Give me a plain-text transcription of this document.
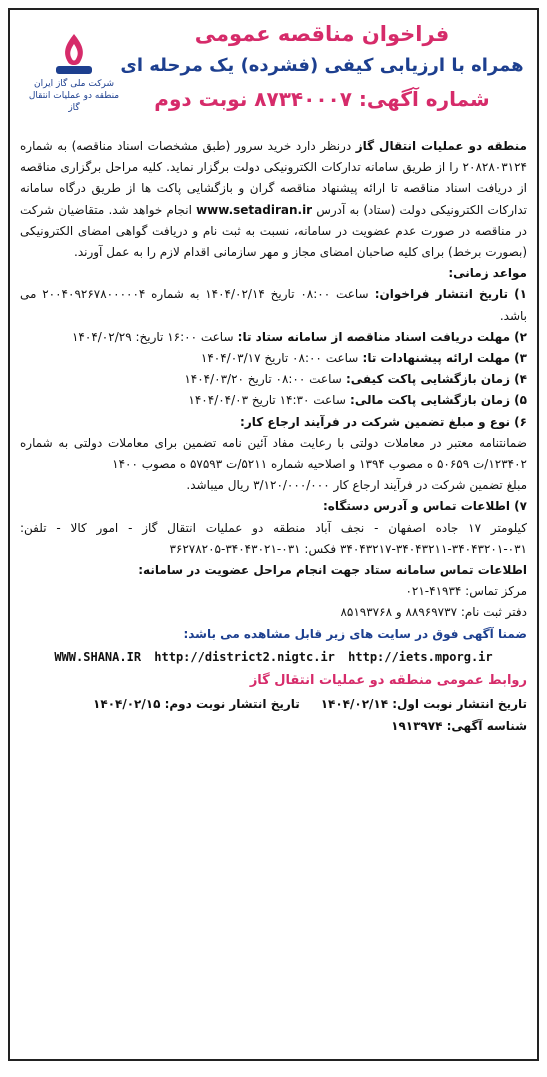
فراخوان مناقصه عمومی
همراه با ارزیابی کیفی (فشرده) یک مرحله ای
شماره آگهی: ۸۷۳۴۰۰۰۷ نوبت دوم
شرکت ملی گاز ایران
منطقه دو عملیات انتقال گاز
منطقه دو عملیات انتقال گاز درنظر دارد خرید سرور (طبق مشخصات اسناد مناقصه) به شماره ۲۰۸۲۸۰۳۱۲۴ را از طریق سامانه تدارکات الکترونیکی دولت برگزار نماید. کلیه مراحل برگزاری مناقصه از دریافت اسناد مناقصه تا ارائه پیشنهاد مناقصه گران و بازگشایی پاکت ها از طریق درگاه سامانه تدارکات الکترونیکی دولت (ستاد) به آدرس www.setadiran.ir انجام خواهد شد. متقاضیان شرکت در مناقصه در صورت عدم عضویت در سامانه، نسبت به ثبت نام و دریافت گواهی امضای الکترونیکی (بصورت برخط) برای کلیه صاحبان امضای مجاز و مهر سازمانی اقدام لازم را به عمل آورند.
مواعد زمانی:
۱) تاریخ انتشار فراخوان: ساعت ۰۸:۰۰ تاریخ ۱۴۰۴/۰۲/۱۴ به شماره ۲۰۰۴۰۹۲۶۷۸۰۰۰۰۰۴ می باشد.
۲) مهلت دریافت اسناد مناقصه از سامانه ستاد تا: ساعت ۱۶:۰۰ تاریخ: ۱۴۰۴/۰۲/۲۹
۳) مهلت ارائه پیشنهادات تا: ساعت ۰۸:۰۰ تاریخ ۱۴۰۴/۰۳/۱۷
۴) زمان بازگشایی پاکت کیفی: ساعت ۰۸:۰۰ تاریخ ۱۴۰۴/۰۳/۲۰
۵) زمان بازگشایی پاکت مالی: ساعت ۱۴:۳۰ تاریخ ۱۴۰۴/۰۴/۰۳
۶) نوع و مبلغ تضمین شرکت در فرآیند ارجاع کار:
ضمانتنامه معتبر در معاملات دولتی با رعایت مفاد آئین نامه تضمین برای معاملات دولتی به شماره ۱۲۳۴۰۲/ت ۵۰۶۵۹ ه مصوب ۱۳۹۴ و اصلاحیه شماره ۵۲۱۱/ت ۵۷۵۹۳ ه مصوب ۱۴۰۰
مبلغ تضمین شرکت در فرآیند ارجاع کار ۳/۱۲۰/۰۰۰/۰۰۰ ریال میباشد.
۷) اطلاعات تماس و آدرس دستگاه:
کیلومتر ۱۷ جاده اصفهان - نجف آباد منطقه دو عملیات انتقال گاز - امور کالا - تلفن: ۰۳۱-۳۴۰۴۳۲۰۱-۳۴۰۴۳۲۱۱-۳۴۰۴۳۲۱۷ فکس: ۰۳۱-۳۴۰۴۳۰۲۱-۳۶۲۷۸۲۰۵
اطلاعات تماس سامانه ستاد جهت انجام مراحل عضویت در سامانه:
مرکز تماس: ۴۱۹۳۴-۰۲۱
دفتر ثبت نام: ۸۸۹۶۹۷۳۷ و ۸۵۱۹۳۷۶۸
ضمنا آگهی فوق در سایت های زیر قابل مشاهده می باشد:
WWW.SHANA.IR http://district2.nigtc.ir http://iets.mporg.ir
روابط عمومی منطقه دو عملیات انتقال گاز
تاریخ انتشار نوبت اول: ۱۴۰۴/۰۲/۱۴     تاریخ انتشار نوبت دوم: ۱۴۰۴/۰۲/۱۵
شناسه آگهی: ۱۹۱۳۹۷۴
